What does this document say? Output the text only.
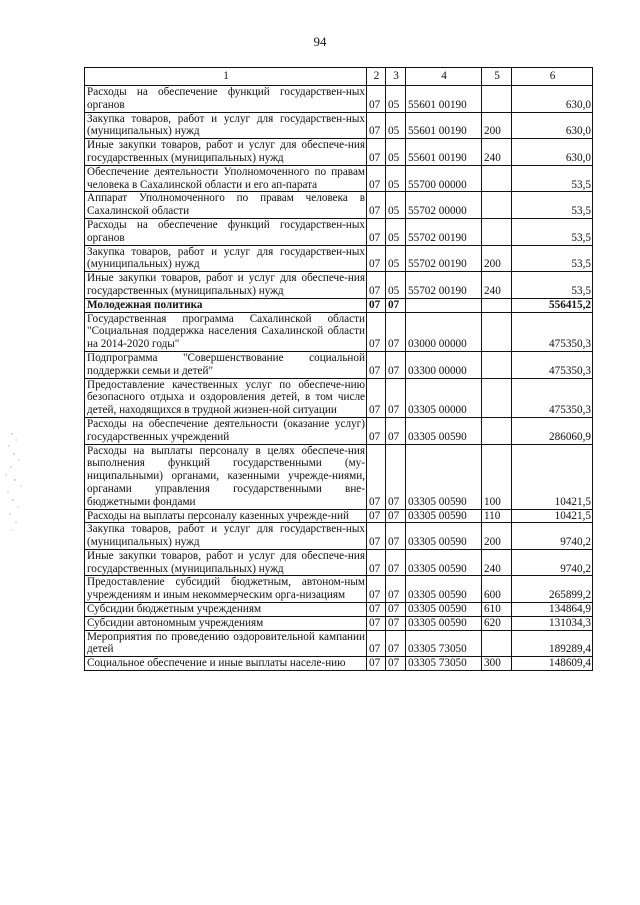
94
1	2	3	4	5	6
Расходы на обеспечение функций государствен-ных органов	07	05	55601 00190		630,0
Закупка товаров, работ и услуг для государствен-ных (муниципальных) нужд	07	05	55601 00190	200	630,0
Иные закупки товаров, работ и услуг для обеспече-ния государственных (муниципальных) нужд	07	05	55601 00190	240	630,0
Обеспечение деятельности Уполномоченного по правам человека в Сахалинской области и его ап-парата	07	05	55700 00000		53,5
Аппарат Уполномоченного по правам человека в Сахалинской области	07	05	55702 00000		53,5
Расходы на обеспечение функций государствен-ных органов	07	05	55702 00190		53,5
Закупка товаров, работ и услуг для государствен-ных (муниципальных) нужд	07	05	55702 00190	200	53,5
Иные закупки товаров, работ и услуг для обеспече-ния государственных (муниципальных) нужд	07	05	55702 00190	240	53,5
Молодежная политика	07	07			556415,2
Государственная программа Сахалинской области "Социальная поддержка населения Сахалинской области на 2014-2020 годы"	07	07	03000 00000		475350,3
Подпрограмма "Совершенствование социальной поддержки семьи и детей"	07	07	03300 00000		475350,3
Предоставление качественных услуг по обеспече-нию безопасного отдыха и оздоровления детей, в том числе детей, находящихся в трудной жизнен-ной ситуации	07	07	03305 00000		475350,3
Расходы на обеспечение деятельности (оказание услуг) государственных учреждений	07	07	03305 00590		286060,9
Расходы на выплаты персоналу в целях обеспече-ния выполнения функций государственными (му-ниципальными) органами, казенными учрежде-ниями, органами управления государственными вне-бюджетными фондами	07	07	03305 00590	100	10421,5
Расходы на выплаты персоналу казенных учрежде-ний	07	07	03305 00590	110	10421,5
Закупка товаров, работ и услуг для государствен-ных (муниципальных) нужд	07	07	03305 00590	200	9740,2
Иные закупки товаров, работ и услуг для обеспече-ния государственных (муниципальных) нужд	07	07	03305 00590	240	9740,2
Предоставление субсидий бюджетным, автоном-ным учреждениям и иным некоммерческим орга-низациям	07	07	03305 00590	600	265899,2
Субсидии бюджетным учреждениям	07	07	03305 00590	610	134864,9
Субсидии автономным учреждениям	07	07	03305 00590	620	131034,3
Мероприятия по проведению оздоровительной кампании детей	07	07	03305 73050		189289,4
Социальное обеспечение и иные выплаты населе-нию	07	07	03305 73050	300	148609,4
